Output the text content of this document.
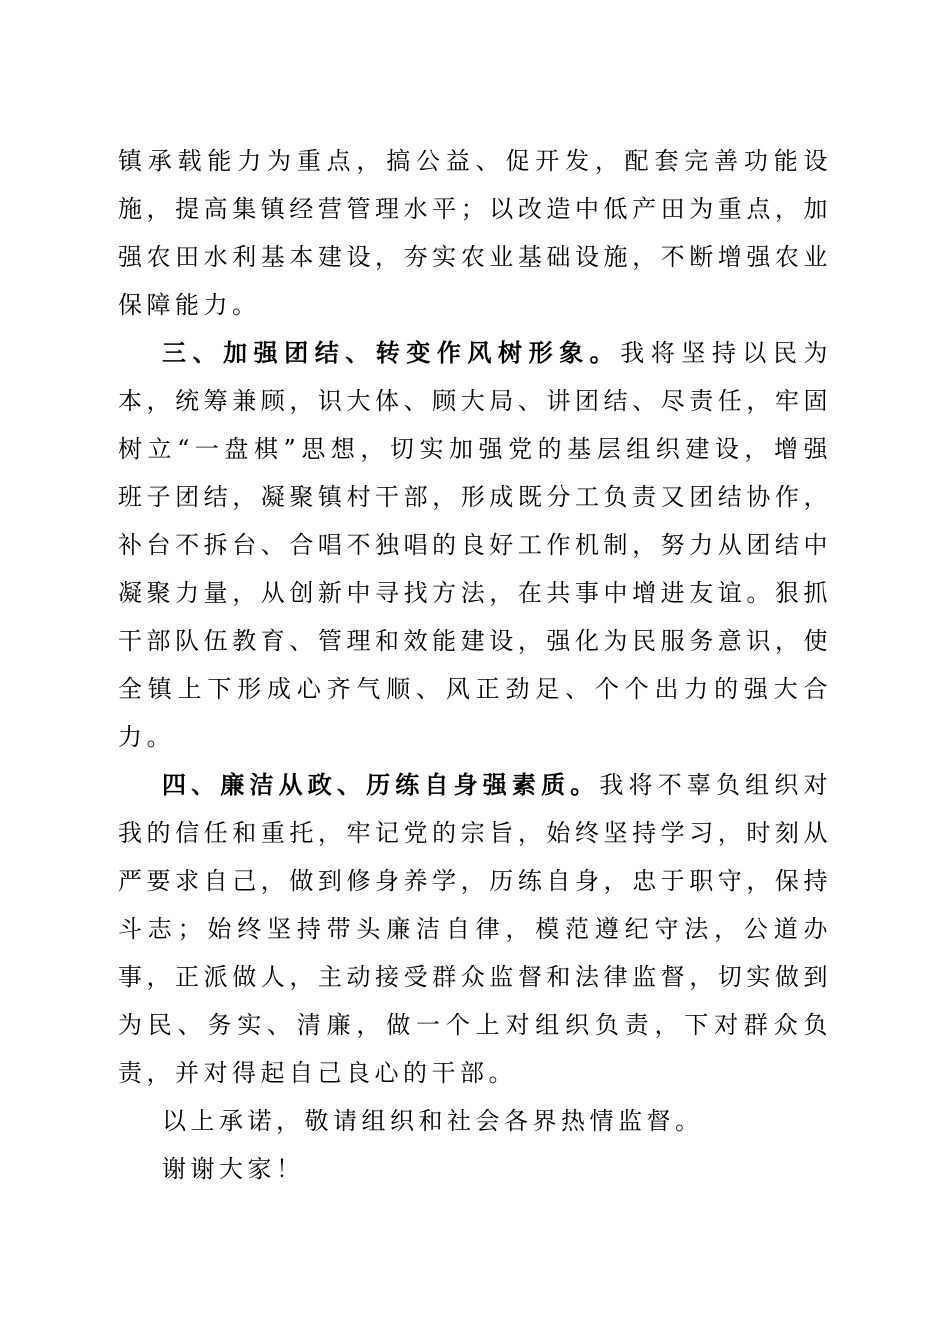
镇承载能力为重点，搞公益、促开发，配套完善功能设施，提高集镇经营管理水平；以改造中低产田为重点，加强农田水利基本建设，夯实农业基础设施，不断增强农业保障能力。

三、加强团结、转变作风树形象。我将坚持以民为本，统筹兼顾，识大体、顾大局、讲团结、尽责任，牢固树立“一盘棋”思想，切实加强党的基层组织建设，增强班子团结，凝聚镇村干部，形成既分工负责又团结协作，补台不拆台、合唱不独唱的良好工作机制，努力从团结中凝聚力量，从创新中寻找方法，在共事中增进友谊。狠抓干部队伍教育、管理和效能建设，强化为民服务意识，使全镇上下形成心齐气顺、风正劲足、个个出力的强大合力。

四、廉洁从政、历练自身强素质。我将不辜负组织对我的信任和重托，牢记党的宗旨，始终坚持学习，时刻从严要求自己，做到修身养学，历练自身，忠于职守，保持斗志；始终坚持带头廉洁自律，模范遵纪守法，公道办事，正派做人，主动接受群众监督和法律监督，切实做到为民、务实、清廉，做一个上对组织负责，下对群众负责，并对得起自己良心的干部。

以上承诺，敬请组织和社会各界热情监督。

谢谢大家！
